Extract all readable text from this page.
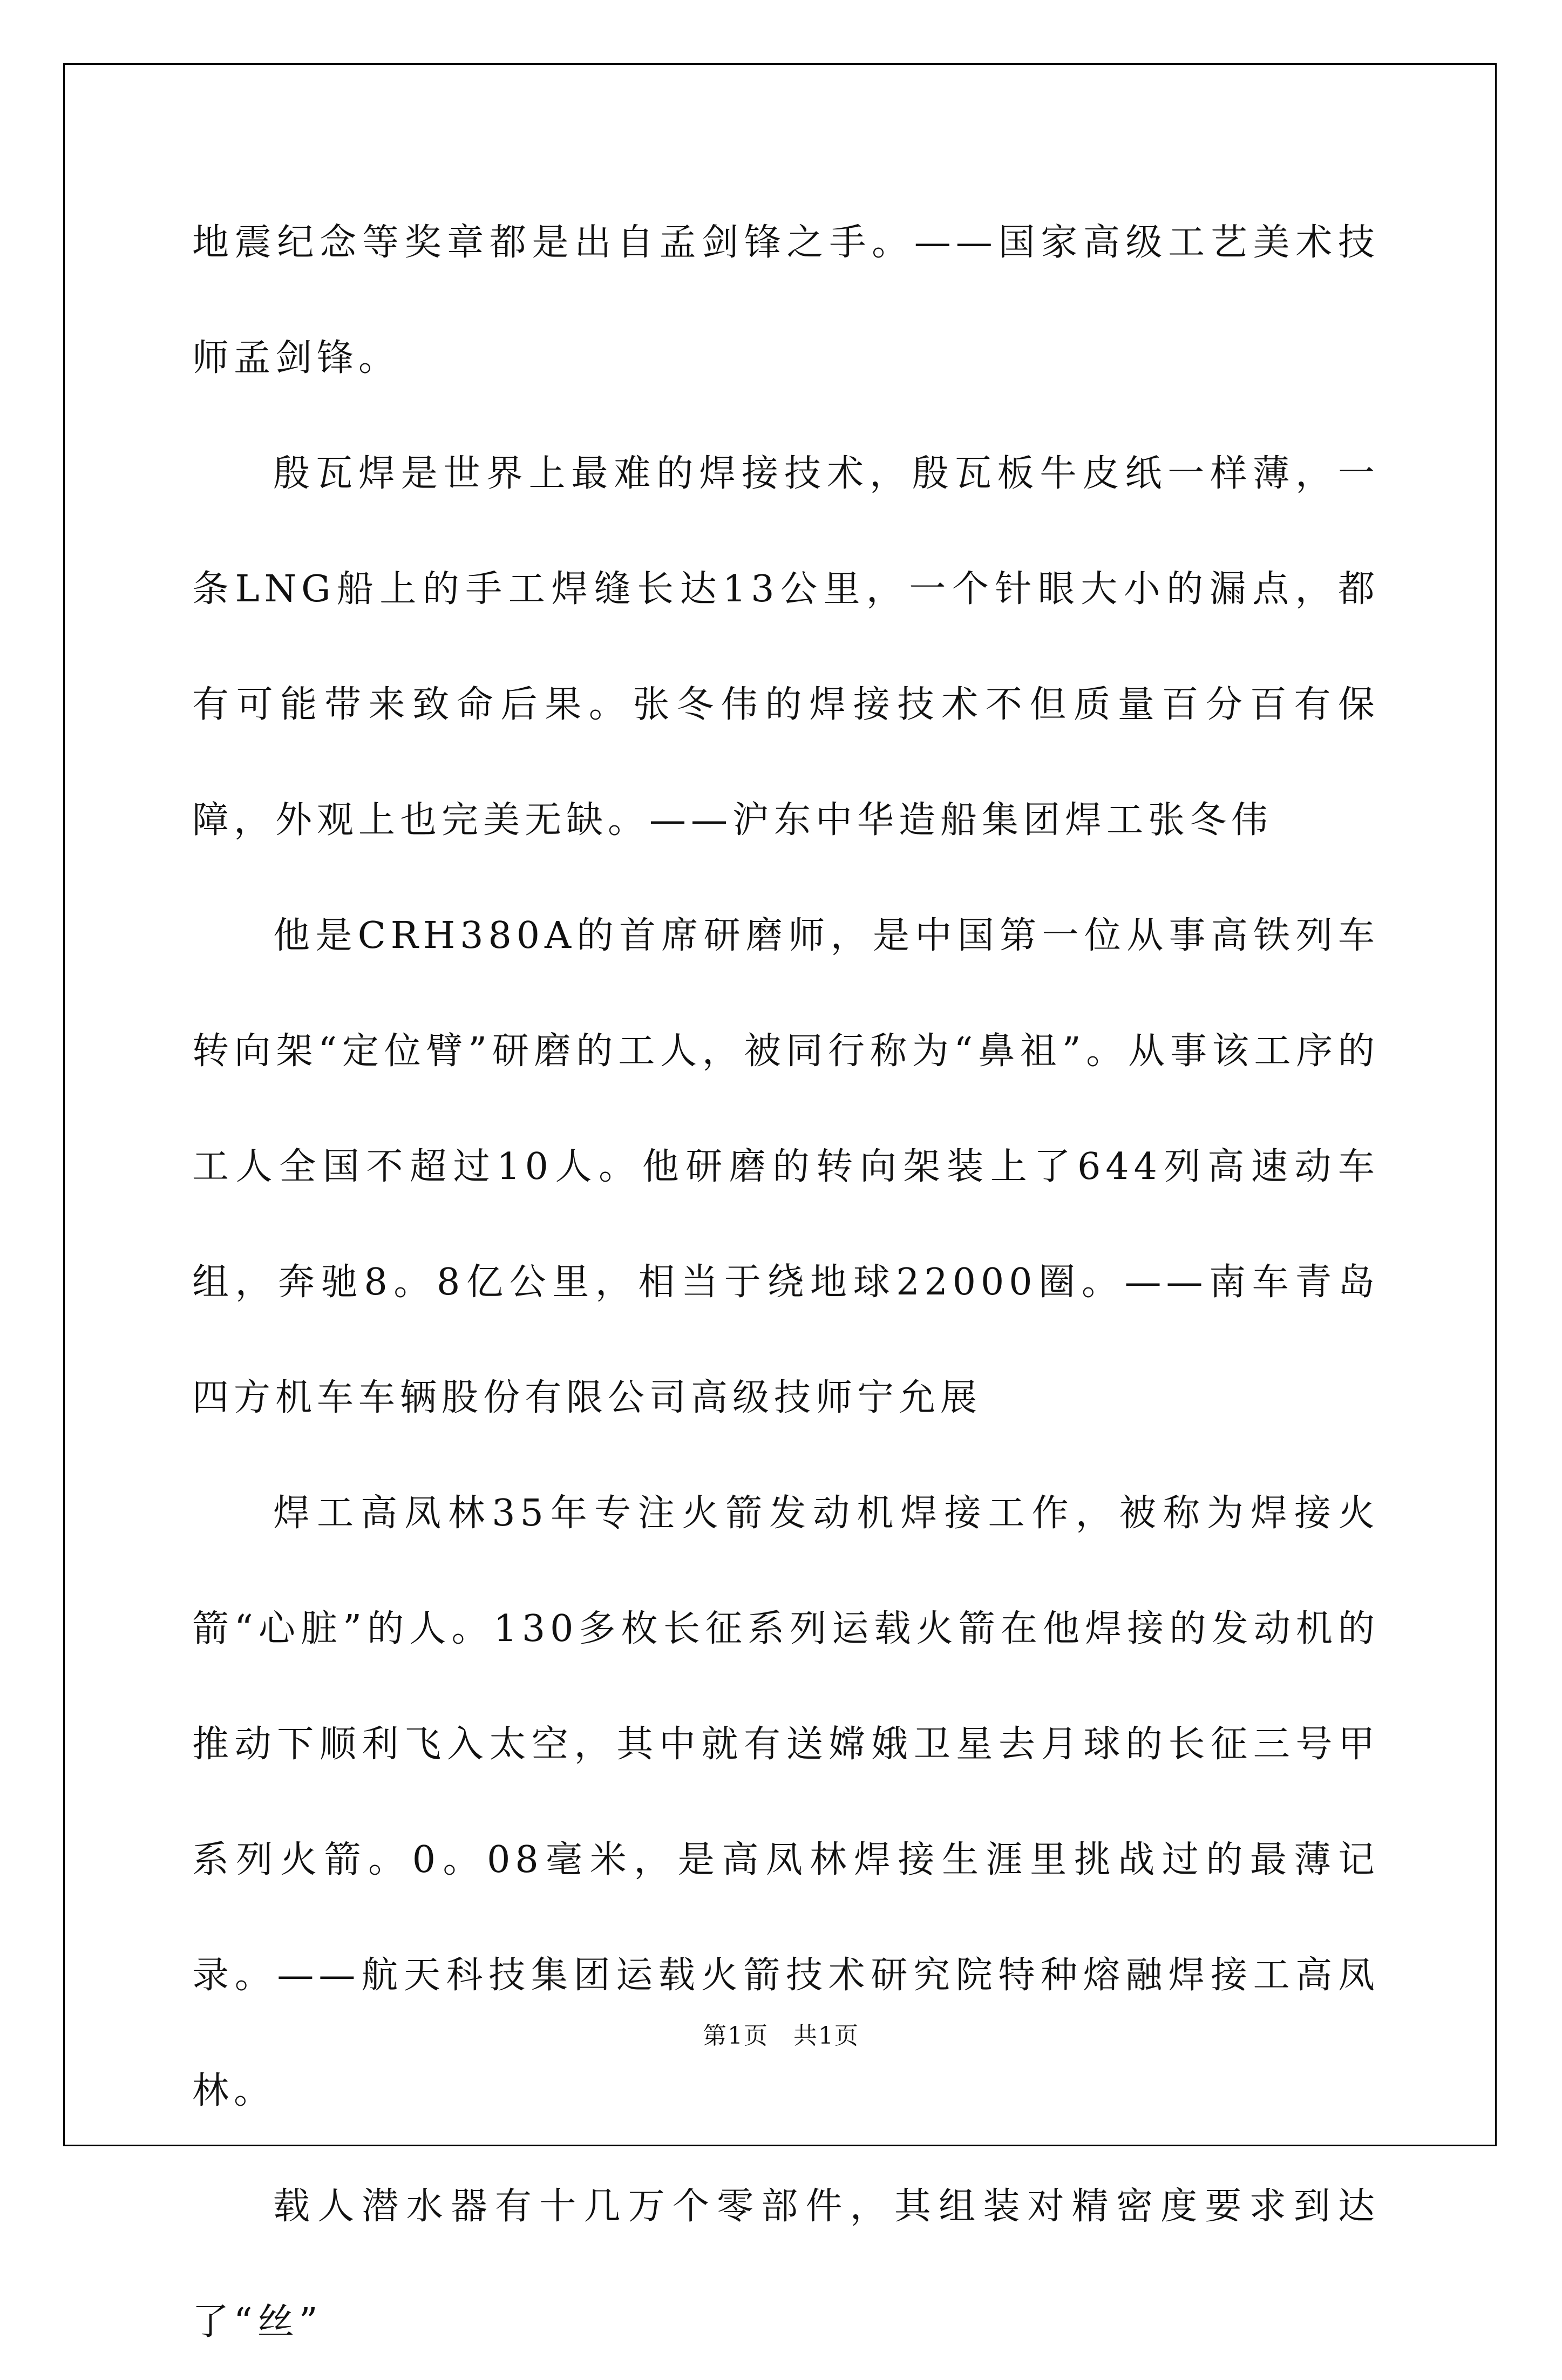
地震纪念等奖章都是出自孟剑锋之手。——国家高级工艺美术技师孟剑锋。

殷瓦焊是世界上最难的焊接技术，殷瓦板牛皮纸一样薄，一条LNG船上的手工焊缝长达13公里，一个针眼大小的漏点，都有可能带来致命后果。张冬伟的焊接技术不但质量百分百有保障，外观上也完美无缺。——沪东中华造船集团焊工张冬伟

他是CRH380A的首席研磨师，是中国第一位从事高铁列车转向架“定位臂”研磨的工人，被同行称为“鼻祖”。从事该工序的工人全国不超过10人。他研磨的转向架装上了644列高速动车组，奔驰8。8亿公里，相当于绕地球22000圈。——南车青岛四方机车车辆股份有限公司高级技师宁允展

焊工高凤林35年专注火箭发动机焊接工作，被称为焊接火箭“心脏”的人。130多枚长征系列运载火箭在他焊接的发动机的推动下顺利飞入太空，其中就有送嫦娥卫星去月球的长征三号甲系列火箭。0。08毫米，是高凤林焊接生涯里挑战过的最薄记录。——航天科技集团运载火箭技术研究院特种熔融焊接工高凤林。

载人潜水器有十几万个零部件，其组装对精密度要求到达了“丝”

第1页　共1页
